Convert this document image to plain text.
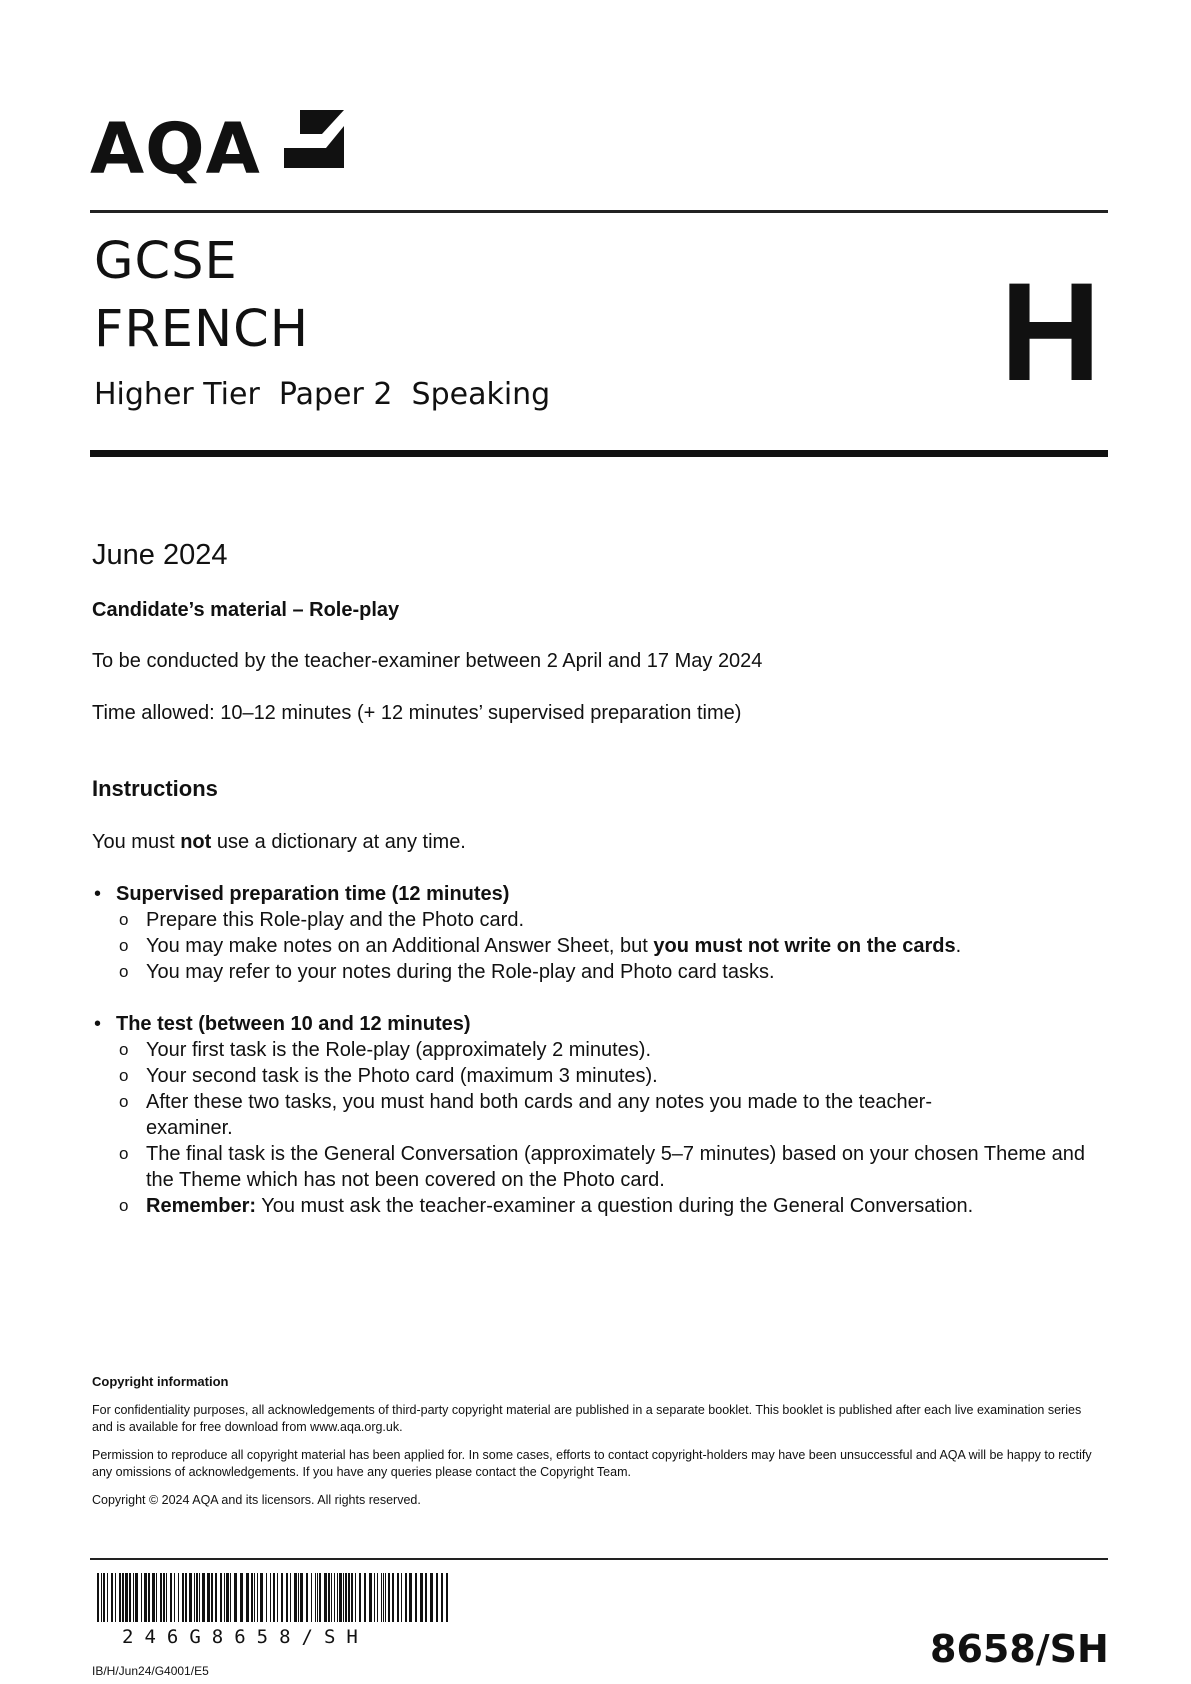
AQA
GCSE
FRENCH
Higher Tier  Paper 2  Speaking	H
June 2024
Candidate’s material – Role-play
To be conducted by the teacher-examiner between 2 April and 17 May 2024
Time allowed: 10–12 minutes (+ 12 minutes’ supervised preparation time)
Instructions
You must not use a dictionary at any time.
• Supervised preparation time (12 minutes)
o Prepare this Role-play and the Photo card.
o You may make notes on an Additional Answer Sheet, but you must not write on the cards.
o You may refer to your notes during the Role-play and Photo card tasks.
• The test (between 10 and 12 minutes)
o Your first task is the Role-play (approximately 2 minutes).
o Your second task is the Photo card (maximum 3 minutes).
o After these two tasks, you must hand both cards and any notes you made to the teacher-examiner.
o The final task is the General Conversation (approximately 5–7 minutes) based on your chosen Theme and the Theme which has not been covered on the Photo card.
o Remember: You must ask the teacher-examiner a question during the General Conversation.
Copyright information
For confidentiality purposes, all acknowledgements of third-party copyright material are published in a separate booklet. This booklet is published after each live examination series and is available for free download from www.aqa.org.uk.
Permission to reproduce all copyright material has been applied for. In some cases, efforts to contact copyright-holders may have been unsuccessful and AQA will be happy to rectify any omissions of acknowledgements. If you have any queries please contact the Copyright Team.
Copyright © 2024 AQA and its licensors. All rights reserved.
246G8658/SH	8658/SH
IB/H/Jun24/G4001/E5
